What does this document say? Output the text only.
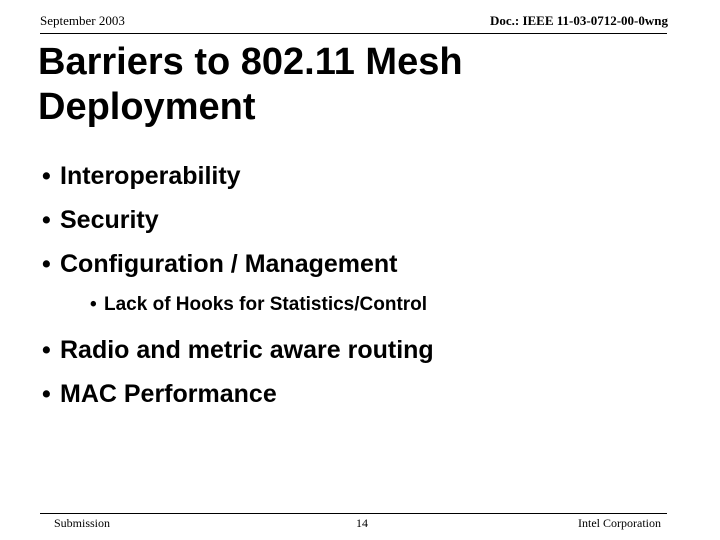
September 2003	Doc.: IEEE 11-03-0712-00-0wng
Barriers to 802.11 Mesh
Deployment
• Interoperability
• Security
• Configuration / Management
• Lack of Hooks for Statistics/Control
• Radio and metric aware routing
• MAC Performance
Submission	14	Intel Corporation
